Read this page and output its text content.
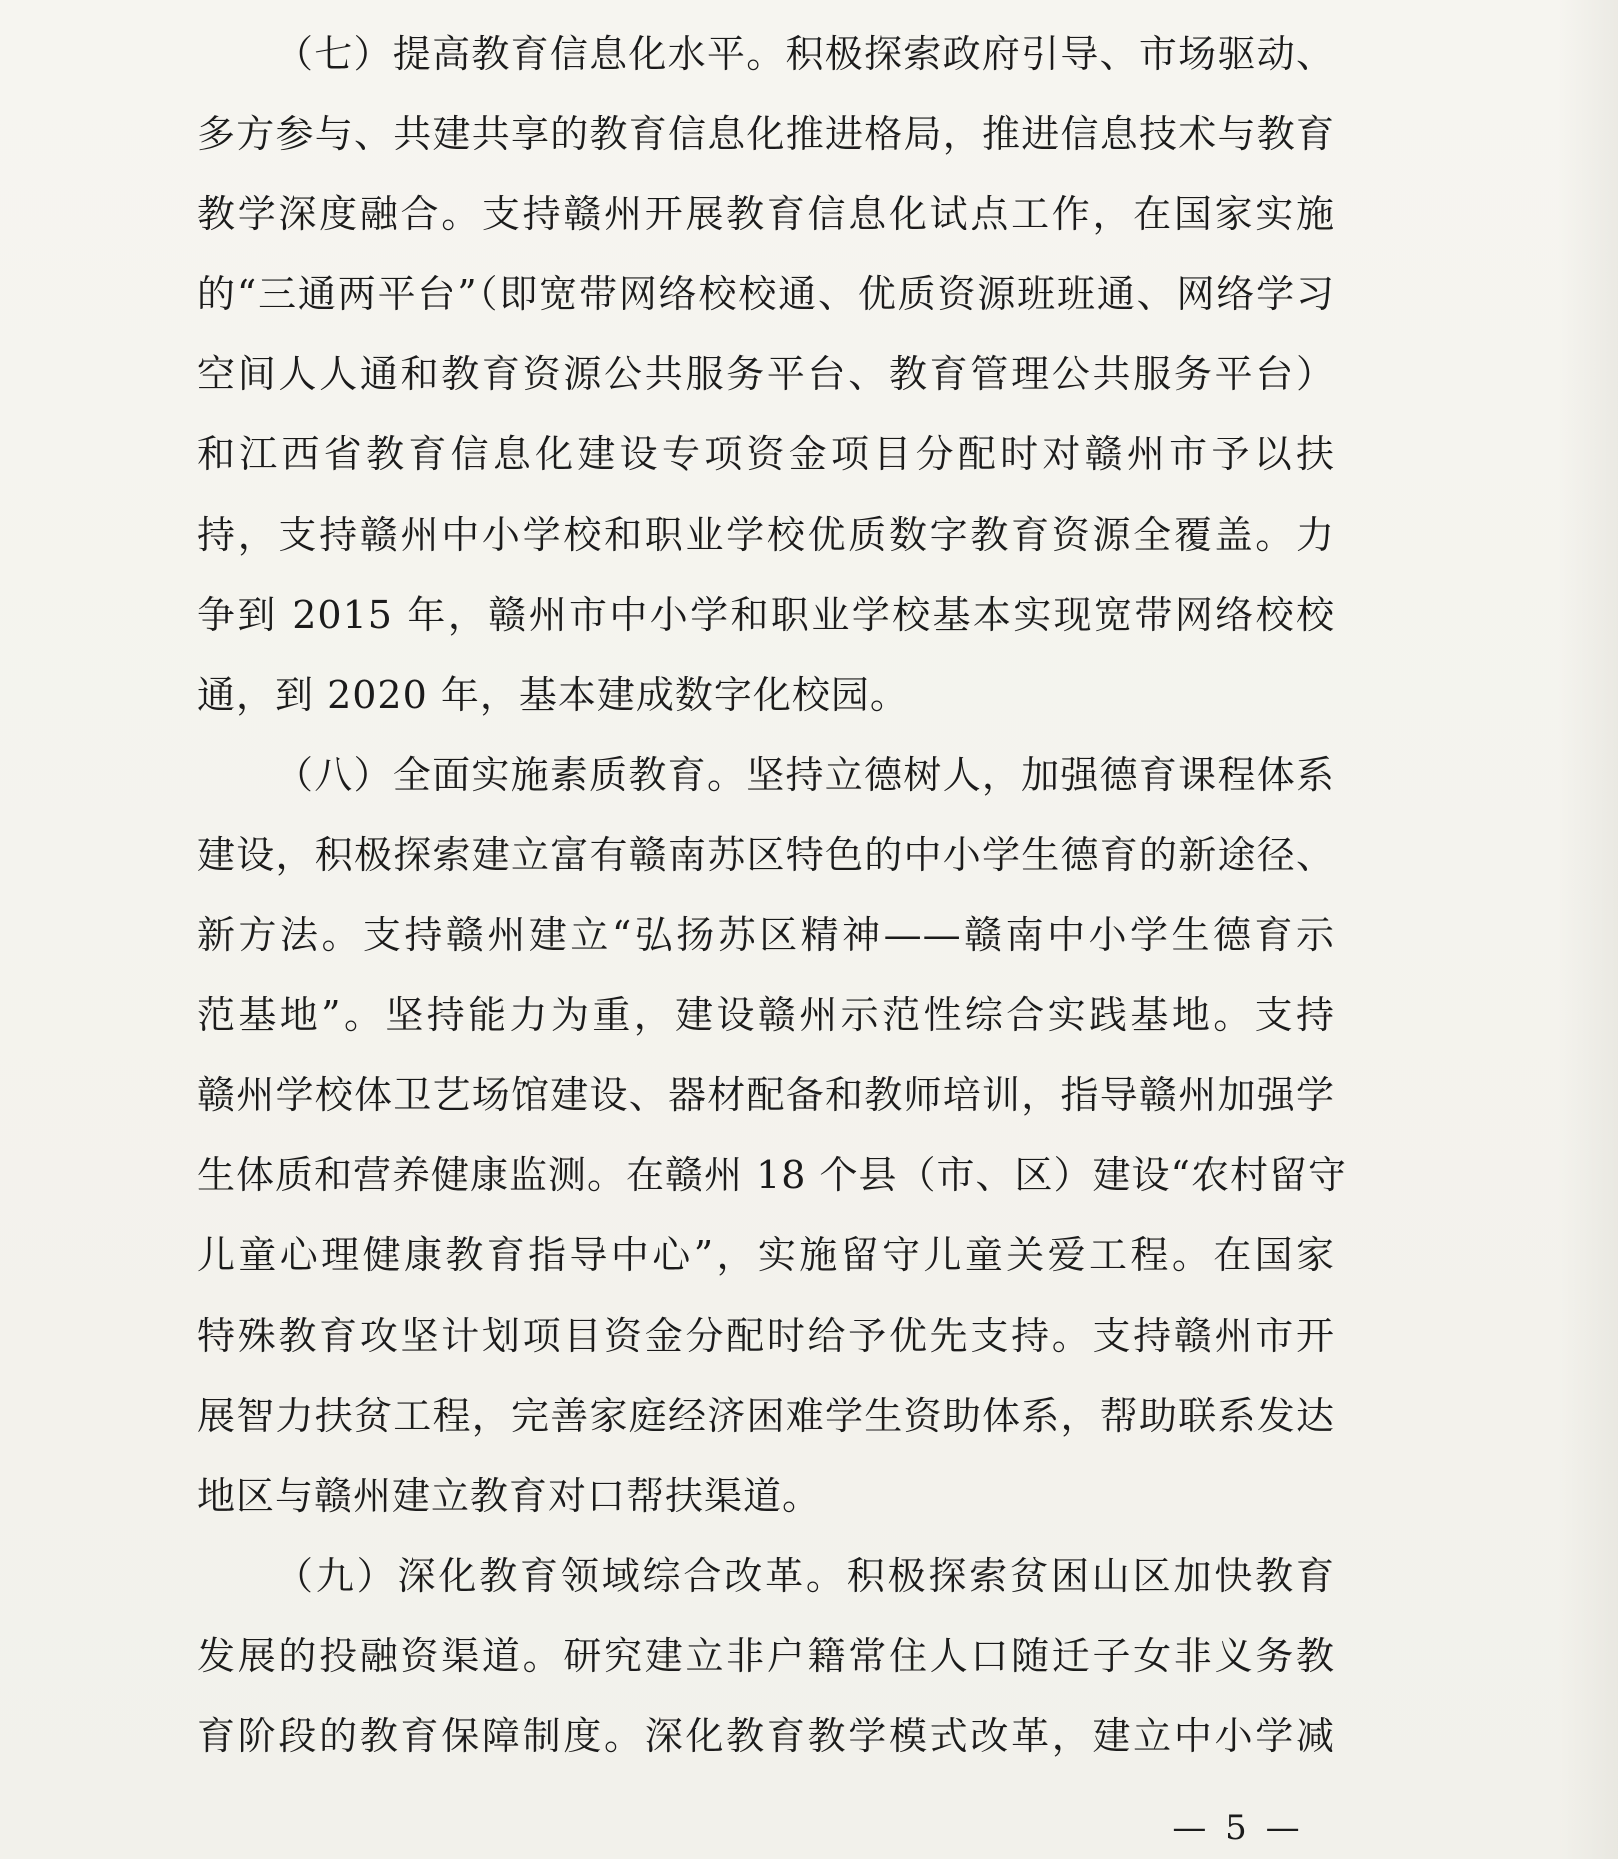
（七）提高教育信息化水平。积极探索政府引导、市场驱动、
多方参与、共建共享的教育信息化推进格局，推进信息技术与教育
教学深度融合。支持赣州开展教育信息化试点工作，在国家实施
的“三通两平台”（即宽带网络校校通、优质资源班班通、网络学习
空间人人通和教育资源公共服务平台、教育管理公共服务平台）
和江西省教育信息化建设专项资金项目分配时对赣州市予以扶
持，支持赣州中小学校和职业学校优质数字教育资源全覆盖。力
争到 2015 年，赣州市中小学和职业学校基本实现宽带网络校校
通，到 2020 年，基本建成数字化校园。
（八）全面实施素质教育。坚持立德树人，加强德育课程体系
建设，积极探索建立富有赣南苏区特色的中小学生德育的新途径、
新方法。支持赣州建立“弘扬苏区精神——赣南中小学生德育示
范基地”。坚持能力为重，建设赣州示范性综合实践基地。支持
赣州学校体卫艺场馆建设、器材配备和教师培训，指导赣州加强学
生体质和营养健康监测。在赣州 18 个县（市、区）建设“农村留守
儿童心理健康教育指导中心”，实施留守儿童关爱工程。在国家
特殊教育攻坚计划项目资金分配时给予优先支持。支持赣州市开
展智力扶贫工程，完善家庭经济困难学生资助体系，帮助联系发达
地区与赣州建立教育对口帮扶渠道。
（九）深化教育领域综合改革。积极探索贫困山区加快教育
发展的投融资渠道。研究建立非户籍常住人口随迁子女非义务教
育阶段的教育保障制度。深化教育教学模式改革，建立中小学减
— 5 —
